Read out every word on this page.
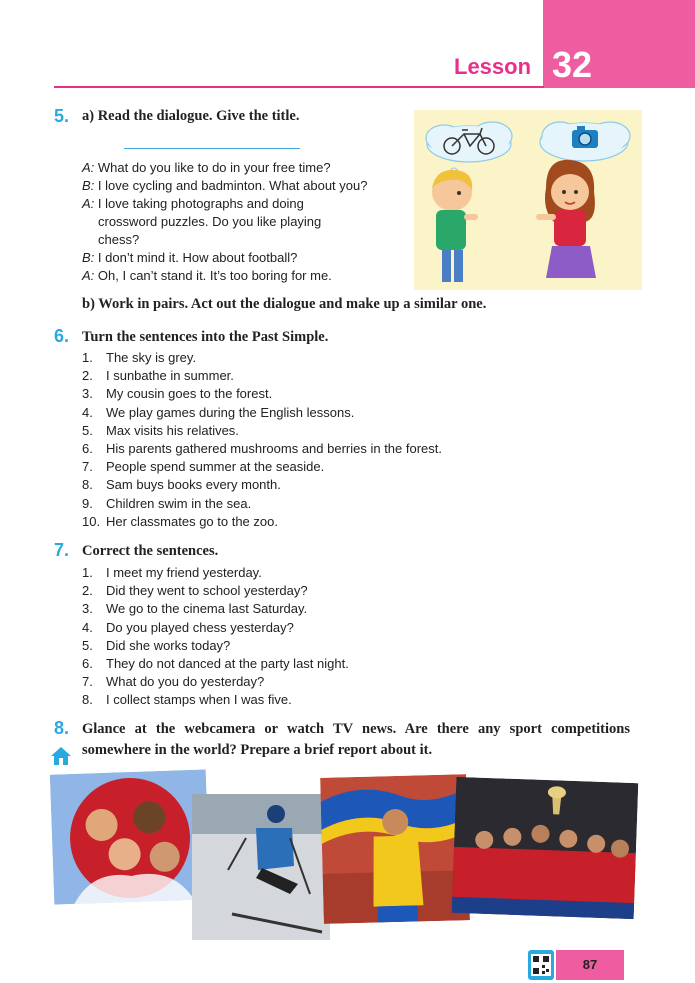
Lesson 32
5. a) Read the dialogue. Give the title.
A: What do you like to do in your free time?
B: I love cycling and badminton. What about you?
A: I love taking photographs and doing
crossword puzzles. Do you like playing
chess?
B: I don’t mind it. How about football?
A: Oh, I can’t stand it. It’s too boring for me.
b) Work in pairs. Act out the dialogue and make up a similar one.
6. Turn the sentences into the Past Simple.
1. The sky is grey.
2. I sunbathe in summer.
3. My cousin goes to the forest.
4. We play games during the English lessons.
5. Max visits his relatives.
6. His parents gathered mushrooms and berries in the forest.
7. People spend summer at the seaside.
8. Sam buys books every month.
9. Children swim in the sea.
10. Her classmates go to the zoo.
7. Correct the sentences.
1. I meet my friend yesterday.
2. Did they went to school yesterday?
3. We go to the cinema last Saturday.
4. Do you played chess yesterday?
5. Did she works today?
6. They do not danced at the party last night.
7. What do you do yesterday?
8. I collect stamps when I was five.
8. Glance at the webcamera or watch TV news. Are there any sport competitions somewhere in the world? Prepare a brief report about it.
87
